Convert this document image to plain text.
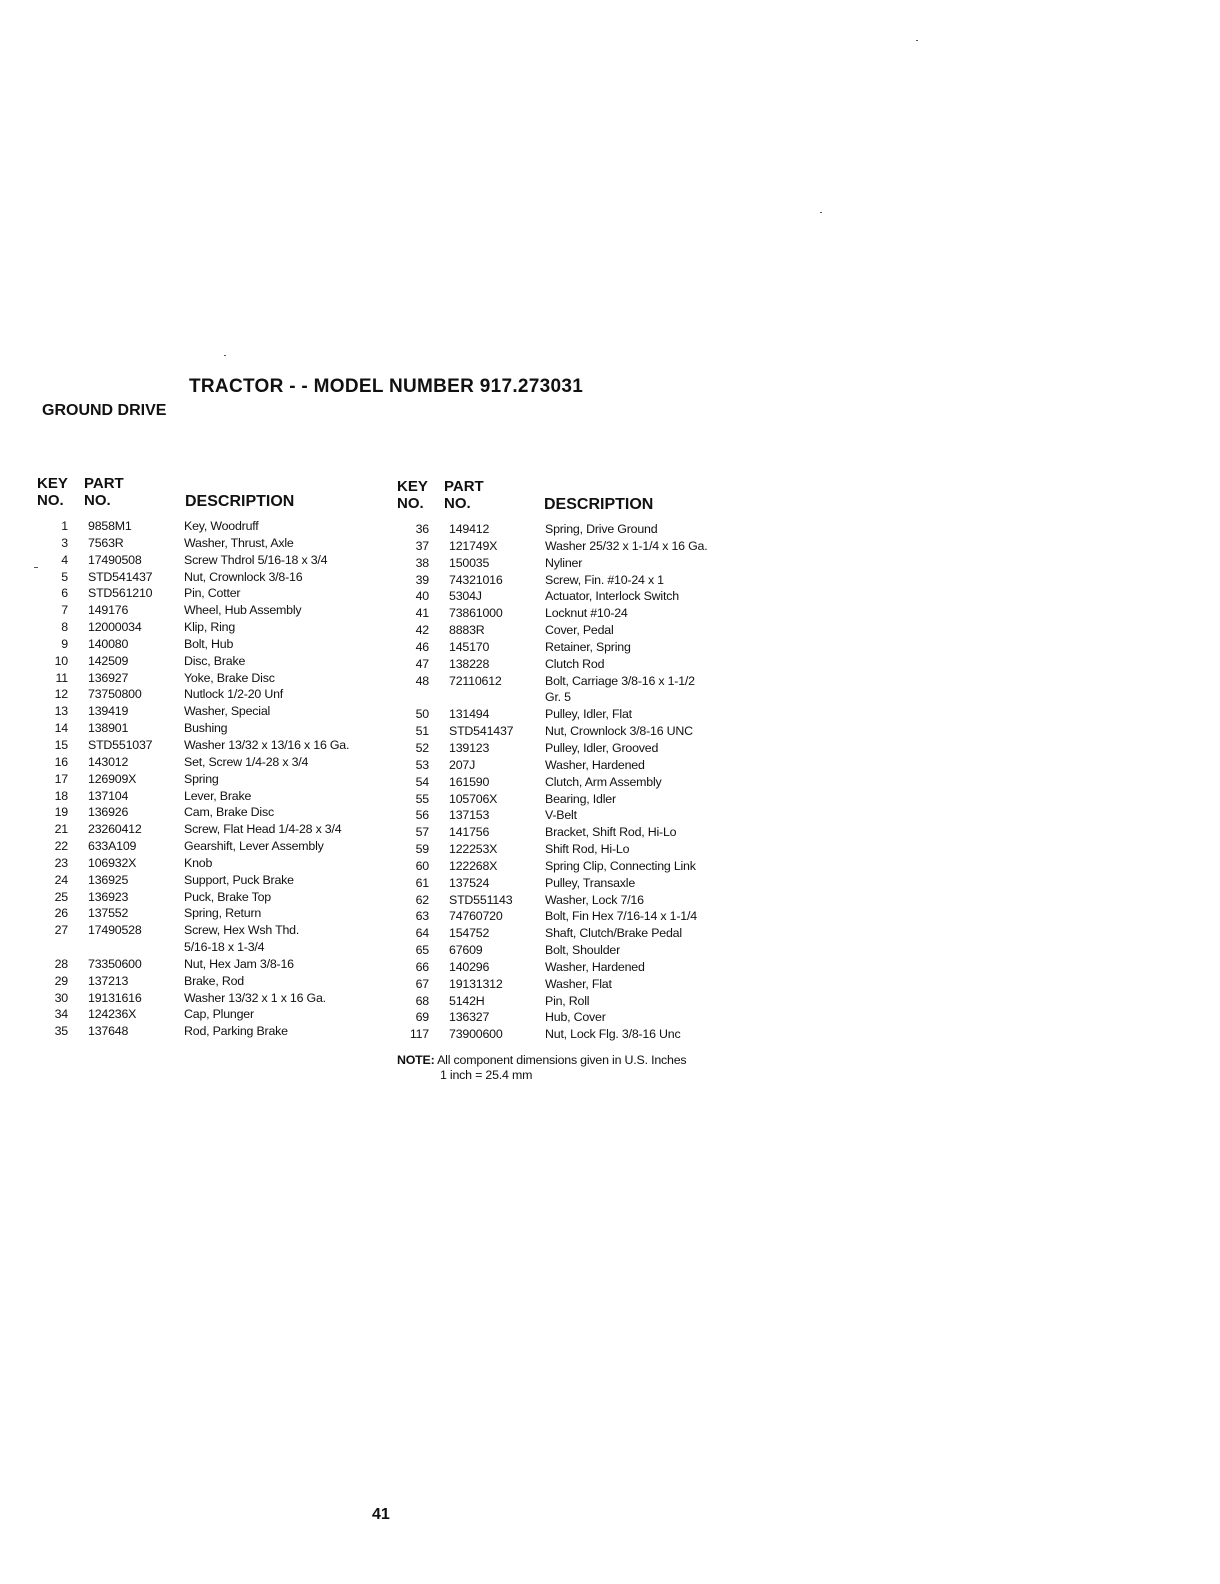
TRACTOR - - MODEL NUMBER 917.273031
GROUND DRIVE
KEY
NO.
PART
NO.	DESCRIPTION
KEY
NO.
PART
NO.	DESCRIPTION
1 9858M1	Key, Woodruff
3 7563R	Washer, Thrust, Axle
4 17490508	Screw Thdrol 5/16-18 x 3/4
5 STD541437	Nut, Crownlock 3/8-16
6 STD561210	Pin, Cotter
7 149176	Wheel, Hub Assembly
8 12000034	Klip, Ring
9 140080	Bolt, Hub
10 142509	Disc, Brake
11 136927	Yoke, Brake Disc
12 73750800	Nutlock 1/2-20 Unf
13 139419	Washer, Special
14 138901	Bushing
15 STD551037	Washer 13/32 x 13/16 x 16 Ga.
16 143012	Set, Screw 1/4-28 x 3/4
17 126909X	Spring
18 137104	Lever, Brake
19 136926	Cam, Brake Disc
21 23260412	Screw, Flat Head 1/4-28 x 3/4
22 633A109	Gearshift, Lever Assembly
23 106932X	Knob
24 136925	Support, Puck Brake
25 136923	Puck, Brake Top
26 137552	Spring, Return
27 17490528	Screw, Hex Wsh Thd.
5/16-18 x 1-3/4
28 73350600	Nut, Hex Jam 3/8-16
29 137213	Brake, Rod
30 19131616	Washer 13/32 x 1 x 16 Ga.
34 124236X	Cap, Plunger
35 137648	Rod, Parking Brake
36 149412	Spring, Drive Ground
37 121749X	Washer 25/32 x 1-1/4 x 16 Ga.
38 150035	Nyliner
39 74321016	Screw, Fin. #10-24 x 1
40 5304J	Actuator, Interlock Switch
41 73861000	Locknut #10-24
42 8883R	Cover, Pedal
46 145170	Retainer, Spring
47 138228	Clutch Rod
48 72110612	Bolt, Carriage 3/8-16 x 1-1/2
Gr. 5
50 131494	Pulley, Idler, Flat
51 STD541437	Nut, Crownlock 3/8-16 UNC
52 139123	Pulley, Idler, Grooved
53 207J	Washer, Hardened
54 161590	Clutch, Arm Assembly
55 105706X	Bearing, Idler
56 137153	V-Belt
57 141756	Bracket, Shift Rod, Hi-Lo
59 122253X	Shift Rod, Hi-Lo
60 122268X	Spring Clip, Connecting Link
61 137524	Pulley, Transaxle
62 STD551143	Washer, Lock 7/16
63 74760720	Bolt, Fin Hex 7/16-14 x 1-1/4
64 154752	Shaft, Clutch/Brake Pedal
65 67609	Bolt, Shoulder
66 140296	Washer, Hardened
67 19131312	Washer, Flat
68 5142H	Pin, Roll
69 136327	Hub, Cover
117 73900600	Nut, Lock Flg. 3/8-16 Unc
NOTE: All component dimensions given in U.S. Inches
1 inch = 25.4 mm
41
